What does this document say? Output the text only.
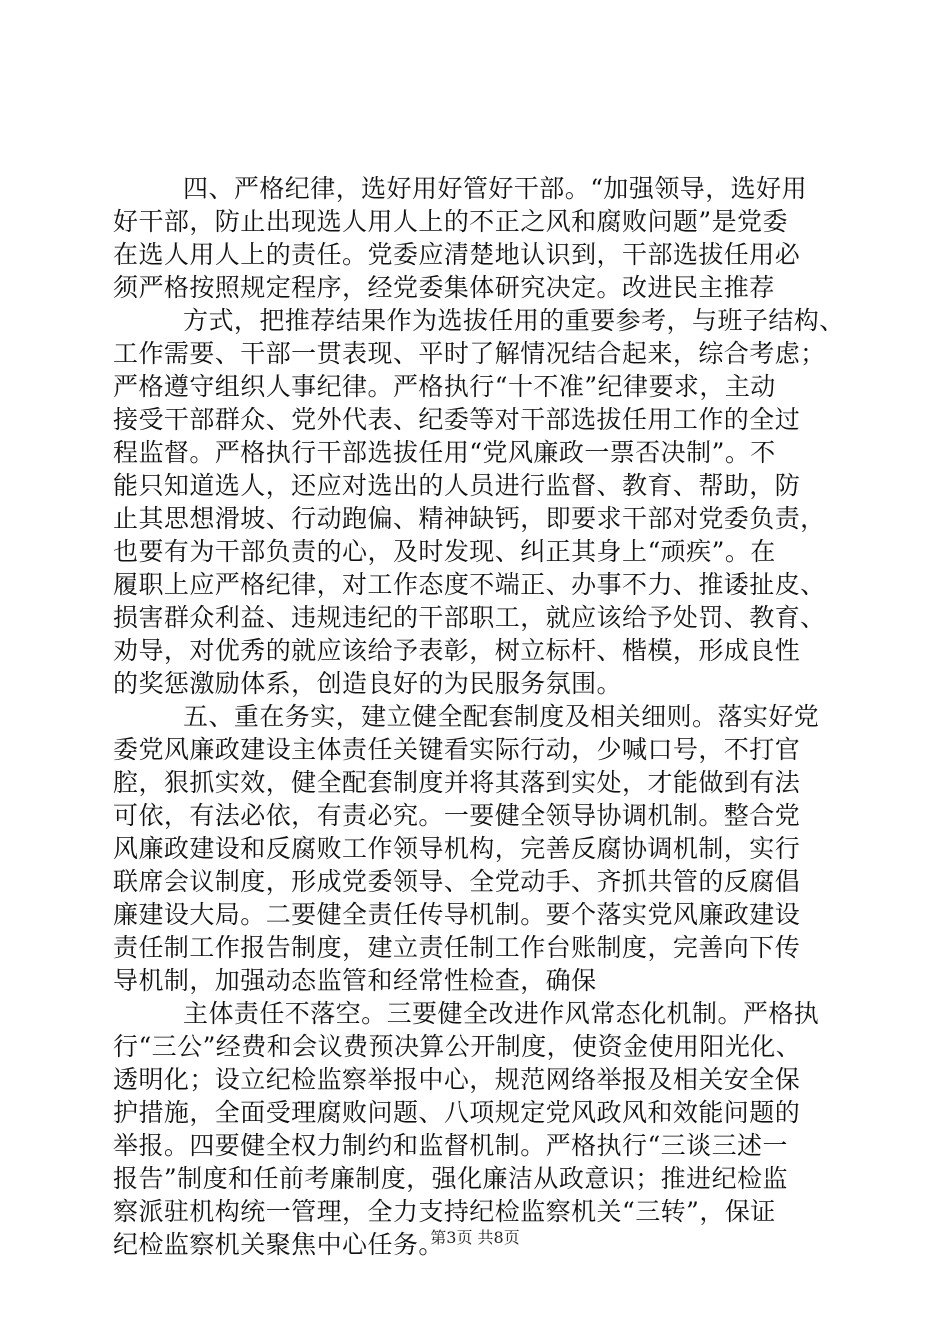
四、严格纪律，选好用好管好干部。“加强领导，选好用
好干部，防止出现选人用人上的不正之风和腐败问题”是党委
在选人用人上的责任。党委应清楚地认识到，干部选拔任用必
须严格按照规定程序，经党委集体研究决定。改进民主推荐
方式，把推荐结果作为选拔任用的重要参考，与班子结构、
工作需要、干部一贯表现、平时了解情况结合起来，综合考虑；
严格遵守组织人事纪律。严格执行“十不准”纪律要求，主动
接受干部群众、党外代表、纪委等对干部选拔任用工作的全过
程监督。严格执行干部选拔任用“党风廉政一票否决制”。不
能只知道选人，还应对选出的人员进行监督、教育、帮助，防
止其思想滑坡、行动跑偏、精神缺钙，即要求干部对党委负责，
也要有为干部负责的心，及时发现、纠正其身上“顽疾”。在
履职上应严格纪律，对工作态度不端正、办事不力、推诿扯皮、
损害群众利益、违规违纪的干部职工，就应该给予处罚、教育、
劝导，对优秀的就应该给予表彰，树立标杆、楷模，形成良性
的奖惩激励体系，创造良好的为民服务氛围。
五、重在务实，建立健全配套制度及相关细则。落实好党
委党风廉政建设主体责任关键看实际行动，少喊口号，不打官
腔，狠抓实效，健全配套制度并将其落到实处，才能做到有法
可依，有法必依，有责必究。一要健全领导协调机制。整合党
风廉政建设和反腐败工作领导机构，完善反腐协调机制，实行
联席会议制度，形成党委领导、全党动手、齐抓共管的反腐倡
廉建设大局。二要健全责任传导机制。要个落实党风廉政建设
责任制工作报告制度，建立责任制工作台账制度，完善向下传
导机制，加强动态监管和经常性检查，确保
主体责任不落空。三要健全改进作风常态化机制。严格执
行“三公”经费和会议费预决算公开制度，使资金使用阳光化、
透明化；设立纪检监察举报中心，规范网络举报及相关安全保
护措施，全面受理腐败问题、八项规定党风政风和效能问题的
举报。四要健全权力制约和监督机制。严格执行“三谈三述一
报告”制度和任前考廉制度，强化廉洁从政意识；推进纪检监
察派驻机构统一管理，全力支持纪检监察机关“三转”，保证
纪检监察机关聚焦中心任务。
第3页 共8页
